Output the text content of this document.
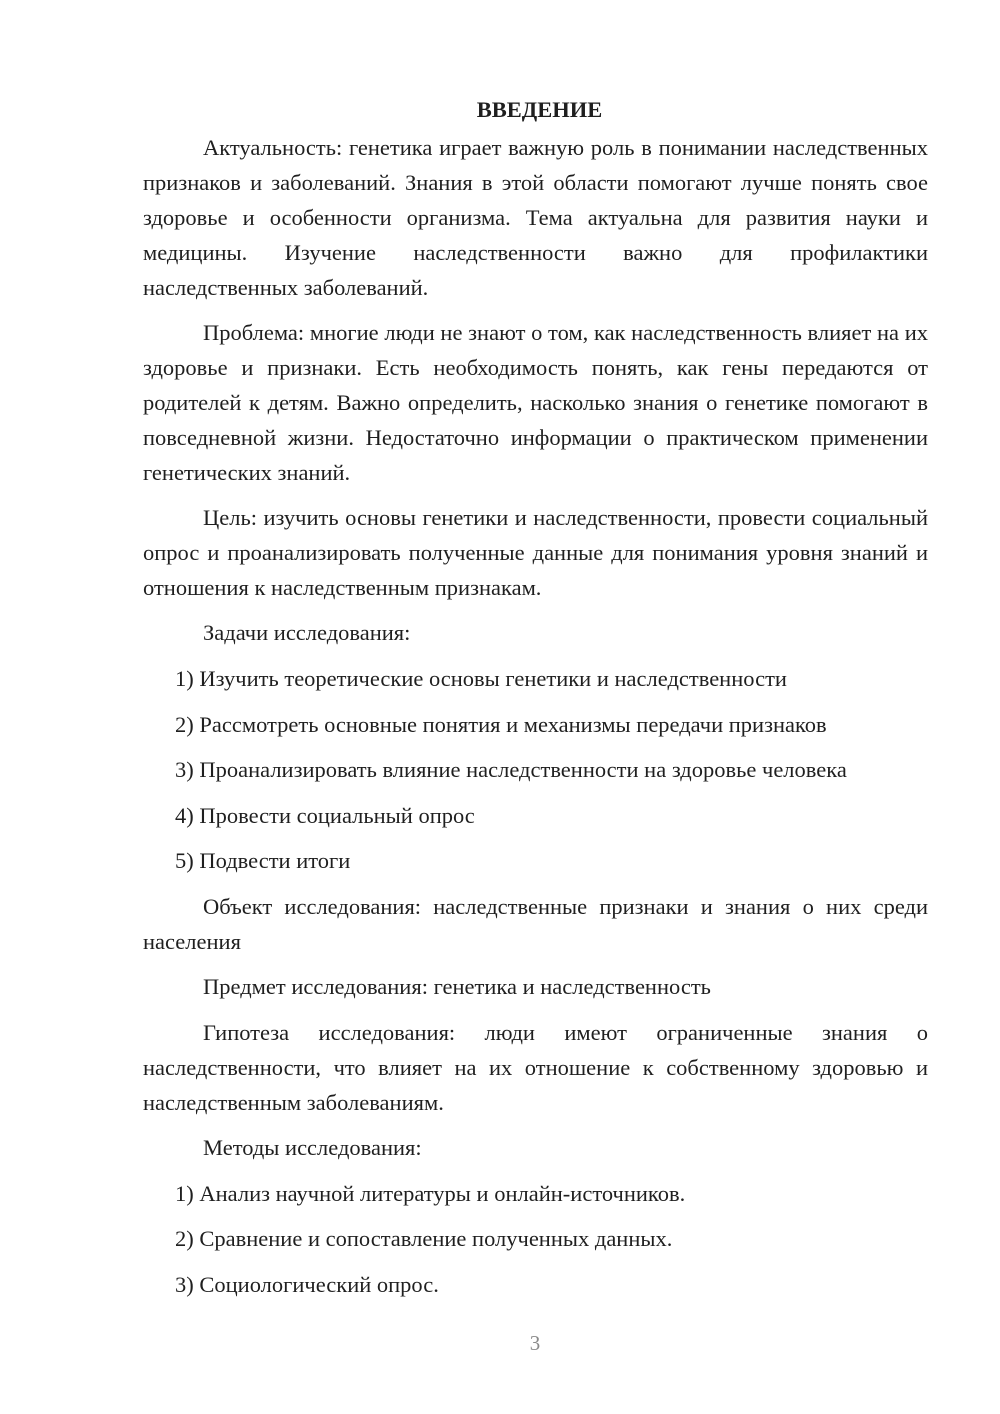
ВВЕДЕНИЕ

Актуальность: генетика играет важную роль в понимании наследственных признаков и заболеваний. Знания в этой области помогают лучше понять свое здоровье и особенности организма. Тема актуальна для развития науки и медицины. Изучение наследственности важно для профилактики наследственных заболеваний.

Проблема: многие люди не знают о том, как наследственность влияет на их здоровье и признаки. Есть необходимость понять, как гены передаются от родителей к детям. Важно определить, насколько знания о генетике помогают в повседневной жизни. Недостаточно информации о практическом применении генетических знаний.

Цель: изучить основы генетики и наследственности, провести социальный опрос и проанализировать полученные данные для понимания уровня знаний и отношения к наследственным признакам.

Задачи исследования:

1) Изучить теоретические основы генетики и наследственности
2) Рассмотреть основные понятия и механизмы передачи признаков
3) Проанализировать влияние наследственности на здоровье человека
4) Провести социальный опрос
5) Подвести итоги

Объект исследования: наследственные признаки и знания о них среди населения

Предмет исследования: генетика и наследственность

Гипотеза исследования: люди имеют ограниченные знания о наследственности, что влияет на их отношение к собственному здоровью и наследственным заболеваниям.

Методы исследования:

1) Анализ научной литературы и онлайн-источников.
2) Сравнение и сопоставление полученных данных.
3) Социологический опрос.
3
